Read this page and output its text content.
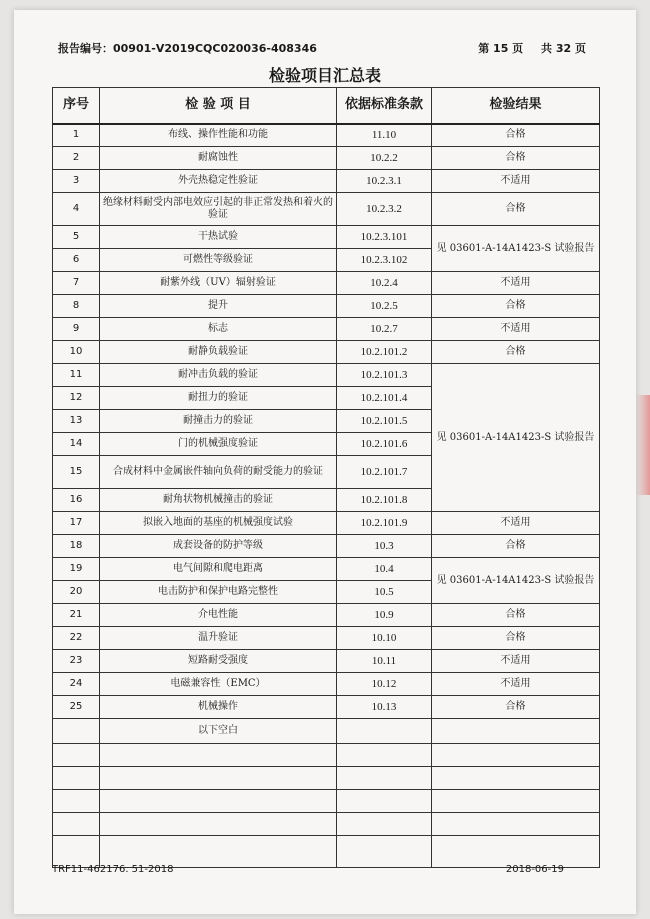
报告编号：00901-V2019CQC020036-408346	第 15 页 共 32 页
检验项目汇总表
序号	检 验 项 目	依据标准条款	检验结果
1	布线、操作性能和功能	11.10	合格
2	耐腐蚀性	10.2.2	合格
3	外壳热稳定性验证	10.2.3.1	不适用
4	绝缘材料耐受内部电效应引起的非正常发热和着火的验证	10.2.3.2	合格
5	干热试验	10.2.3.101	见 03601-A-14A1423-S 试验报告
6	可燃性等级验证	10.2.3.102	
7	耐紫外线（UV）辐射验证	10.2.4	不适用
8	提升	10.2.5	合格
9	标志	10.2.7	不适用
10	耐静负载验证	10.2.101.2	合格
11	耐冲击负载的验证	10.2.101.3	见 03601-A-14A1423-S 试验报告
12	耐扭力的验证	10.2.101.4	
13	耐撞击力的验证	10.2.101.5	
14	门的机械强度验证	10.2.101.6	
15	合成材料中金属嵌件轴向负荷的耐受能力的验证	10.2.101.7	
16	耐角状物机械撞击的验证	10.2.101.8	
17	拟嵌入地面的基座的机械强度试验	10.2.101.9	不适用
18	成套设备的防护等级	10.3	合格
19	电气间隙和爬电距离	10.4	见 03601-A-14A1423-S 试验报告
20	电击防护和保护电路完整性	10.5	
21	介电性能	10.9	合格
22	温升验证	10.10	合格
23	短路耐受强度	10.11	不适用
24	电磁兼容性（EMC）	10.12	不适用
25	机械操作	10.13	合格
	以下空白		

TRF11-462176. 51-2018	2018-06-19
